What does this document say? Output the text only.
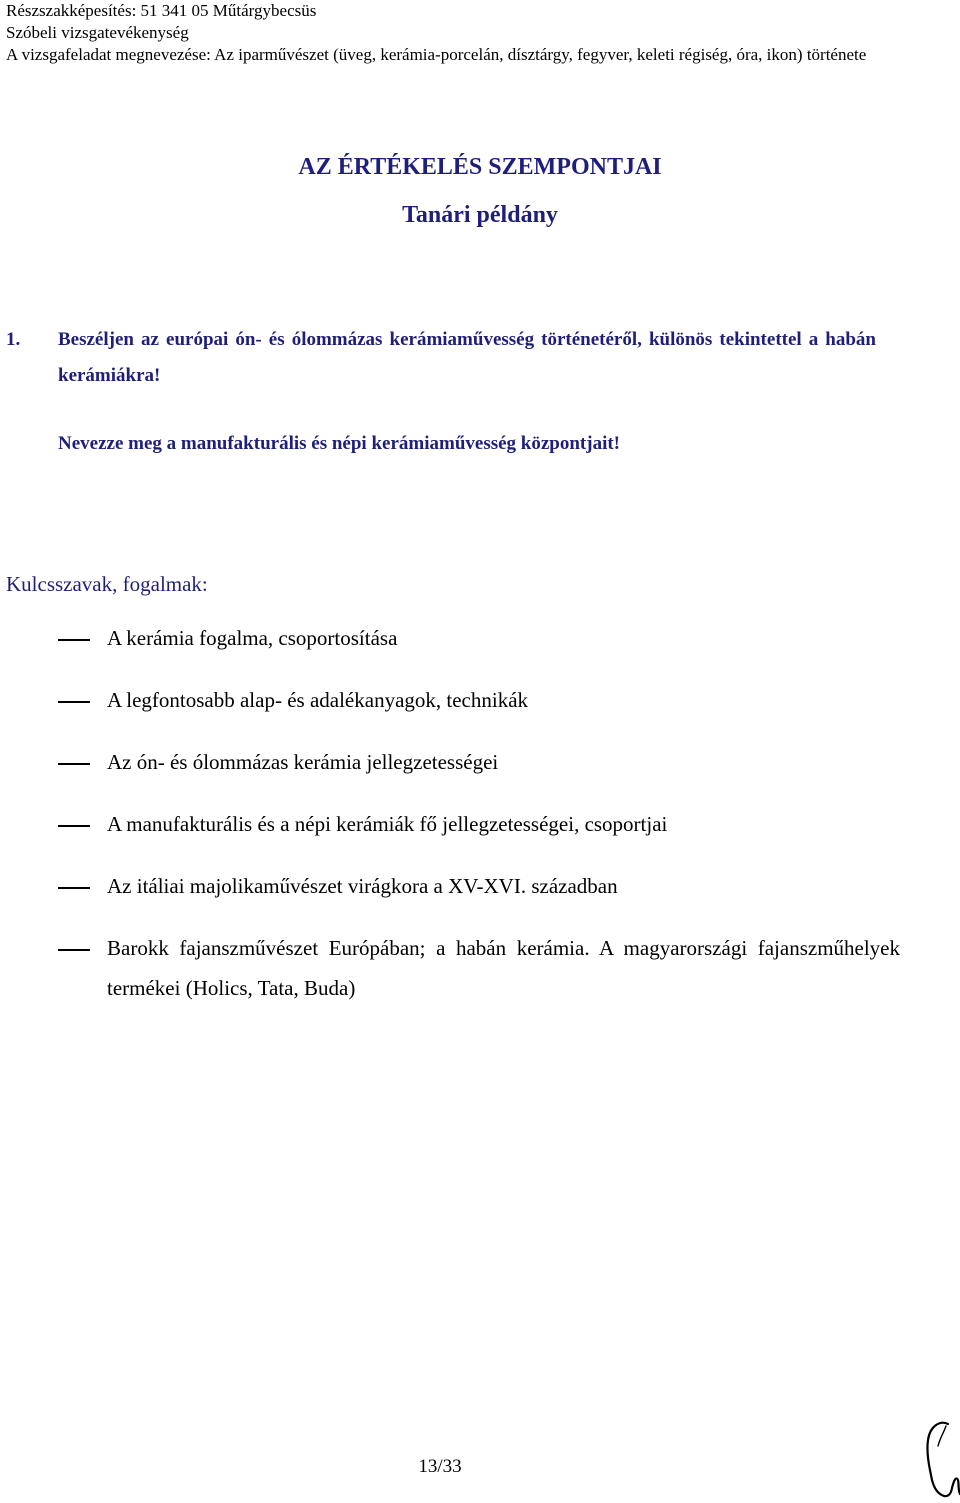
Részszakképesítés: 51 341 05 Műtárgybecsüs
Szóbeli vizsgatevékenység
A vizsgafeladat megnevezése: Az iparművészet (üveg, kerámia-porcelán, dísztárgy, fegyver, keleti régiség, óra, ikon) története
AZ ÉRTÉKELÉS SZEMPONTJAI
Tanári példány
1.	Beszéljen az európai ón- és ólommázas kerámiaművesség történetéről, különös tekintettel a habán kerámiákra!
Nevezze meg a manufakturális és népi kerámiaművesség központjait!
Kulcsszavak, fogalmak:
A kerámia fogalma, csoportosítása
A legfontosabb alap- és adalékanyagok, technikák
Az ón- és ólommázas kerámia jellegzetességei
A manufakturális és a népi kerámiák fő jellegzetességei, csoportjai
Az itáliai majolikaművészet virágkora a XV-XVI. században
Barokk fajanszművészet Európában; a habán kerámia. A magyarországi fajanszműhelyek termékei (Holics, Tata, Buda)
13/33
